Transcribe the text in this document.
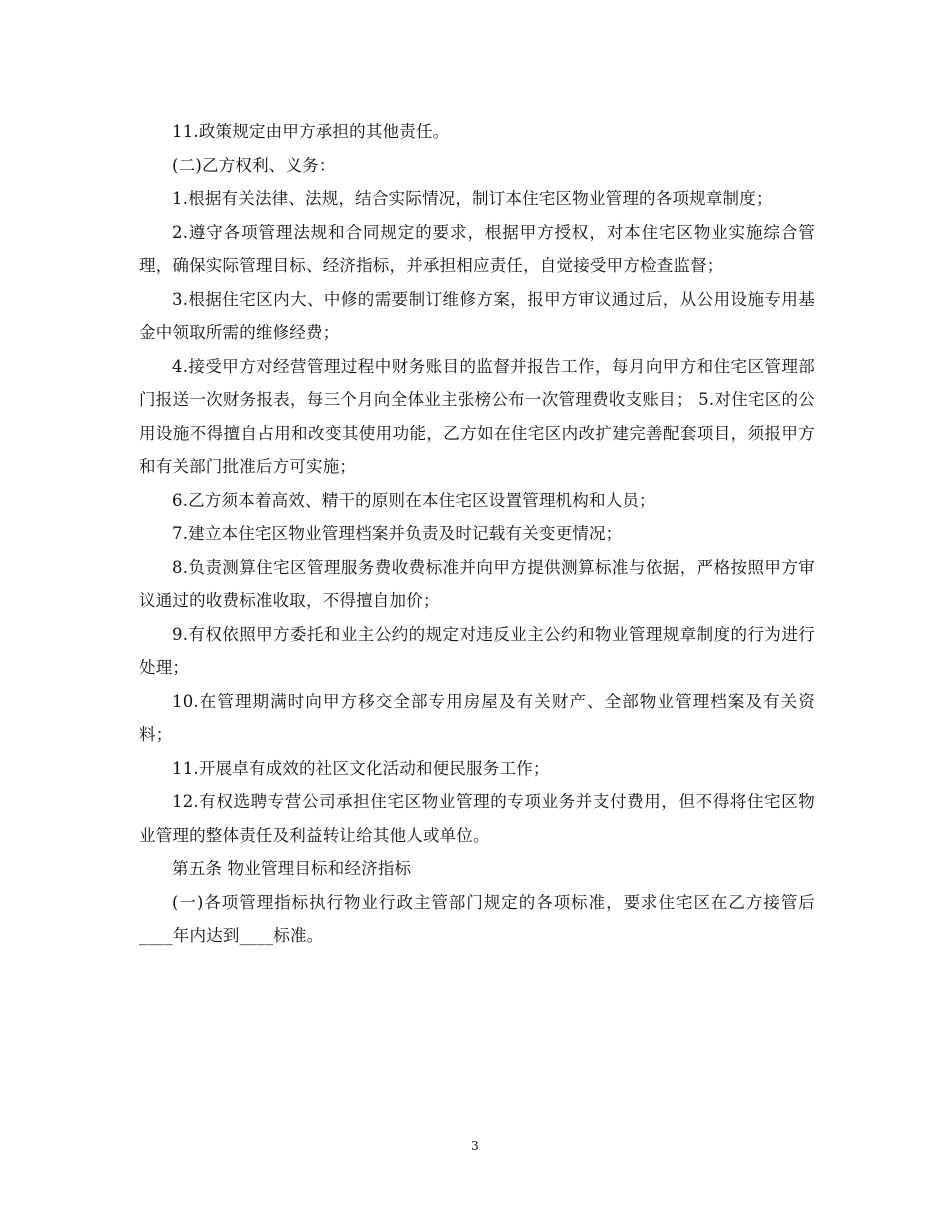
11.政策规定由甲方承担的其他责任。

(二)乙方权利、义务：

1.根据有关法律、法规，结合实际情况，制订本住宅区物业管理的各项规章制度；

2.遵守各项管理法规和合同规定的要求，根据甲方授权，对本住宅区物业实施综合管理，确保实际管理目标、经济指标，并承担相应责任，自觉接受甲方检查监督；

3.根据住宅区内大、中修的需要制订维修方案，报甲方审议通过后，从公用设施专用基金中领取所需的维修经费；

4.接受甲方对经营管理过程中财务账目的监督并报告工作，每月向甲方和住宅区管理部门报送一次财务报表，每三个月向全体业主张榜公布一次管理费收支账目； 5.对住宅区的公用设施不得擅自占用和改变其使用功能，乙方如在住宅区内改扩建完善配套项目，须报甲方和有关部门批准后方可实施；

6.乙方须本着高效、精干的原则在本住宅区设置管理机构和人员；

7.建立本住宅区物业管理档案并负责及时记载有关变更情况；

8.负责测算住宅区管理服务费收费标准并向甲方提供测算标准与依据，严格按照甲方审议通过的收费标准收取，不得擅自加价；

9.有权依照甲方委托和业主公约的规定对违反业主公约和物业管理规章制度的行为进行处理；

10.在管理期满时向甲方移交全部专用房屋及有关财产、全部物业管理档案及有关资料；

11.开展卓有成效的社区文化活动和便民服务工作；

12.有权选聘专营公司承担住宅区物业管理的专项业务并支付费用，但不得将住宅区物业管理的整体责任及利益转让给其他人或单位。

第五条 物业管理目标和经济指标

(一)各项管理指标执行物业行政主管部门规定的各项标准，要求住宅区在乙方接管后____年内达到____标准。

3
